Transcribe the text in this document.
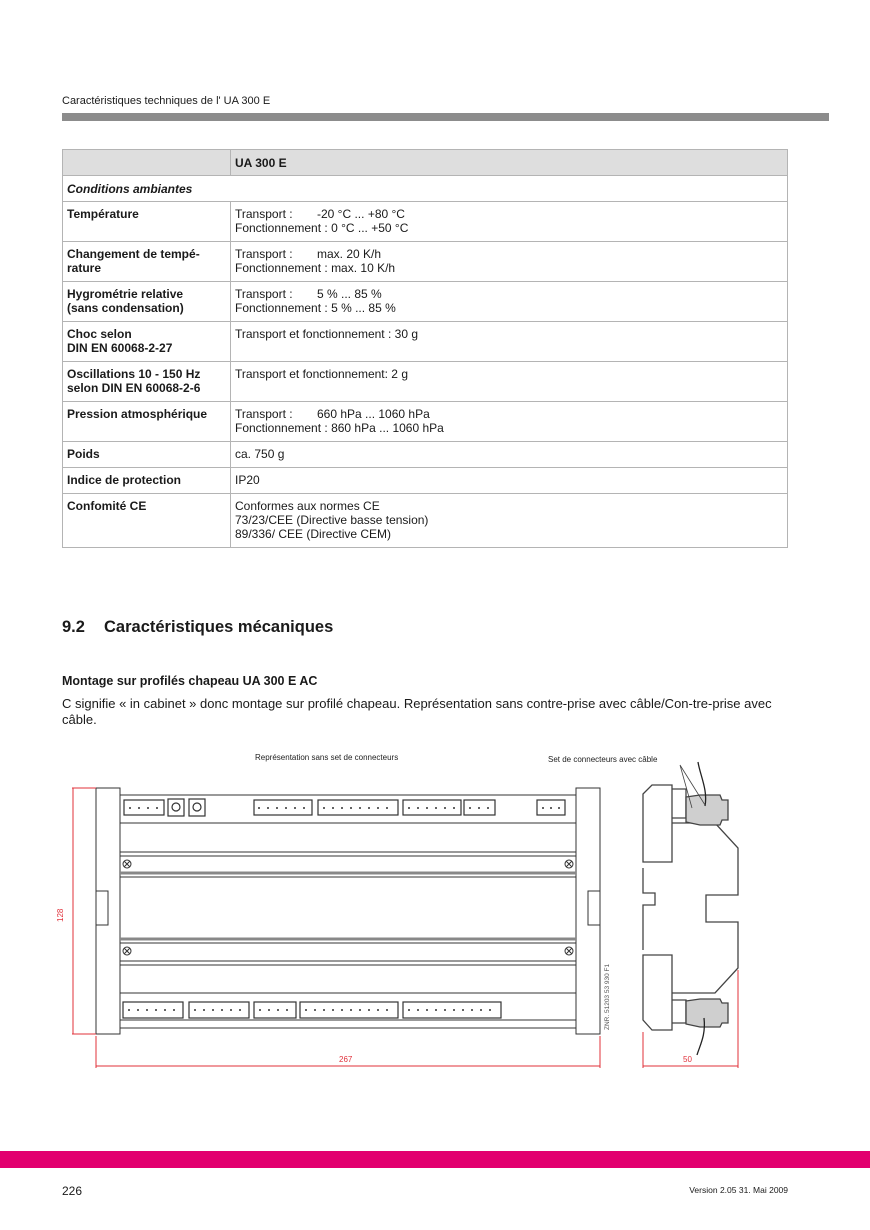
Caractéristiques techniques de l' UA 300 E
	UA 300 E
Conditions ambiantes	
Température	Transport : -20 °C ... +80 °C
Fonctionnement : 0 °C ... +50 °C

Changement de tempé-
rature	Transport : max. 20 K/h
Fonctionnement : max. 10 K/h

Hygrométrie relative
(sans condensation)	Transport : 5 % ... 85 %
Fonctionnement : 5 % ... 85 %

Choc selon
DIN EN 60068-2-27	Transport et fonctionnement : 30 g

Oscillations 10 - 150 Hz
selon DIN EN 60068-2-6	Transport et fonctionnement: 2 g
Pression atmosphérique	Transport : 660 hPa ... 1060 hPa
Fonctionnement : 860 hPa ... 1060 hPa

Poids	ca. 750 g
Indice de protection	IP20
Confomité CE	Conformes aux normes CE
73/23/CEE (Directive basse tension)
89/336/ CEE (Directive CEM)
9.2 Caractéristiques mécaniques
Montage sur profilés chapeau UA 300 E AC
C signifie « in cabinet » donc montage sur profilé chapeau. Représentation sans contre-prise avec câble/Con-tre-prise avec câble.
Représentation sans set de connecteurs	Set de connecteurs avec câble
128
267	50
ZNR. 51203 53 930 F1
226	Version 2.05 31. Mai 2009
